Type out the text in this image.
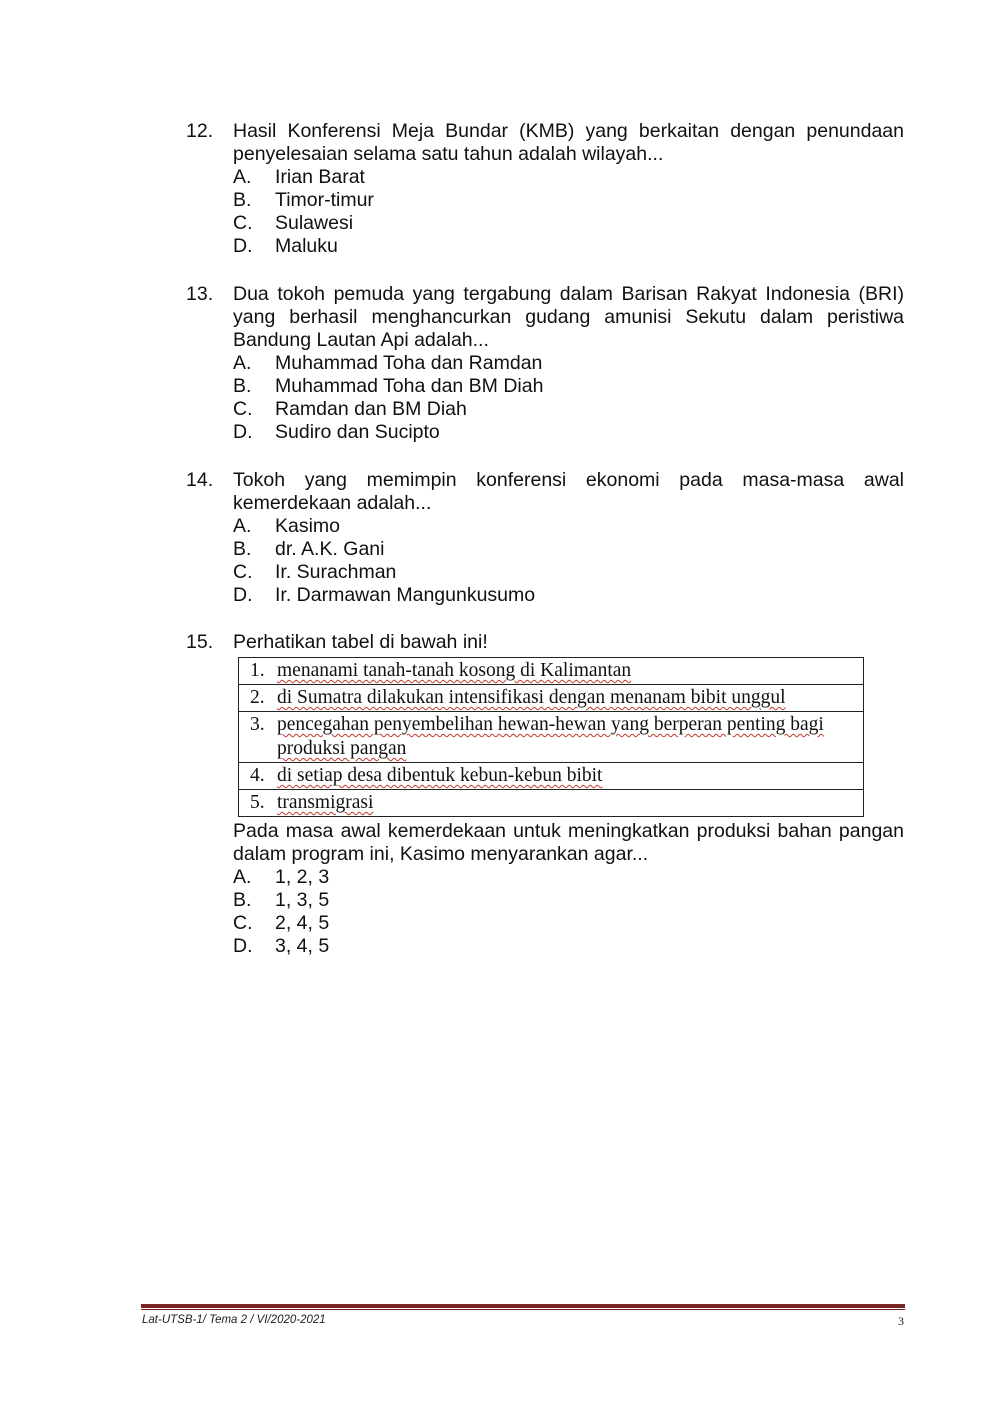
12.	Hasil Konferensi Meja Bundar (KMB) yang berkaitan dengan penundaan penyelesaian selama satu tahun adalah wilayah...
A.	Irian Barat
B.	Timor-timur
C.	Sulawesi
D.	Maluku
13.	Dua tokoh pemuda yang tergabung dalam Barisan Rakyat Indonesia (BRI) yang berhasil menghancurkan gudang amunisi Sekutu dalam peristiwa Bandung Lautan Api adalah...
A.	Muhammad Toha dan Ramdan
B.	Muhammad Toha dan BM Diah
C.	Ramdan dan BM Diah
D.	Sudiro dan Sucipto
14.	Tokoh yang memimpin konferensi ekonomi pada masa-masa awal kemerdekaan adalah...
A.	Kasimo
B.	dr. A.K. Gani
C.	Ir. Surachman
D.	Ir. Darmawan Mangunkusumo
15.	Perhatikan tabel di bawah ini!
1. menanami tanah-tanah kosong di Kalimantan

2. di Sumatra dilakukan intensifikasi dengan menanam bibit unggul

3. pencegahan penyembelihan hewan-hewan yang berperan penting bagi produksi pangan

4. di setiap desa dibentuk kebun-kebun bibit

5. transmigrasi
Pada masa awal kemerdekaan untuk meningkatkan produksi bahan pangan dalam program ini, Kasimo menyarankan agar...
A.	1, 2, 3
B.	1, 3, 5
C.	2, 4, 5
D.	3, 4, 5
Lat-UTSB-1/ Tema 2 / VI/2020-2021	3
